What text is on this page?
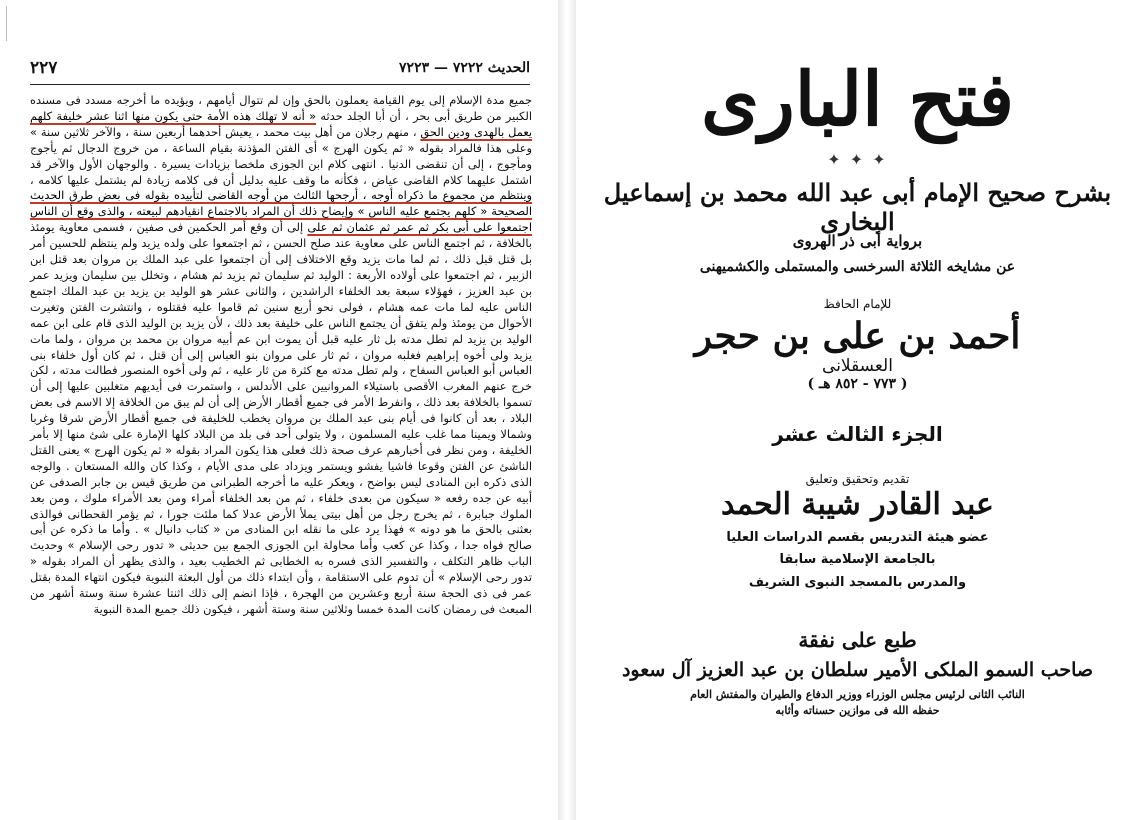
الحديث ٧٢٢٢ — ٧٢٢٣
٢٢٧

جميع مدة الإسلام إلى يوم القيامة يعملون بالحق وإن لم تتوال أيامهم ، ويؤيده ما أخرجه مسدد فى مسنده الكبير من طريق أبى بحر ، أن أبا الجلد حدثه « أنه لا تهلك هذه الأمة حتى يكون منها اثنا عشر خليفة كلهم يعمل بالهدى ودين الحق ، منهم رجلان من أهل بيت محمد ، يعيش أحدهما أربعين سنة ، والآخر ثلاثين سنة » وعلى هذا فالمراد بقوله « ثم يكون الهرج » أى الفتن المؤذنة بقيام الساعة ، من خروج الدجال ثم يأجوج ومأجوج ، إلى أن تنقضى الدنيا . انتهى كلام ابن الجوزى ملخصا بزيادات يسيرة . والوجهان الأول والآخر قد اشتمل عليهما كلام القاضى عياض ، فكأنه ما وقف عليه بدليل أن فى كلامه زيادة لم يشتمل عليها كلامه ، وينتظم من مجموع ما ذكراه أوجه ، أرجحها الثالث من أوجه القاضى لتأييده بقوله فى بعض طرق الحديث الصحيحة « كلهم يجتمع عليه الناس » وإيضاح ذلك أن المراد بالاجتماع انقيادهم لبيعته ، والذى وقع أن الناس اجتمعوا على أبى بكر ثم عمر ثم عثمان ثم على إلى أن وقع أمر الحكمين فى صفين ، فسمى معاوية يومئذ بالخلافة ، ثم اجتمع الناس على معاوية عند صلح الحسن ، ثم اجتمعوا على ولده يزيد ولم ينتظم للحسين أمر بل قتل قبل ذلك ، ثم لما مات يزيد وقع الاختلاف إلى أن اجتمعوا على عبد الملك بن مروان بعد قتل ابن الزبير ، ثم اجتمعوا على أولاده الأربعة : الوليد ثم سليمان ثم يزيد ثم هشام ، وتخلل بين سليمان ويزيد عمر بن عبد العزيز ، فهؤلاء سبعة بعد الخلفاء الراشدين ، والثانى عشر هو الوليد بن يزيد بن عبد الملك اجتمع الناس عليه لما مات عمه هشام ، فولى نحو أربع سنين ثم قاموا عليه فقتلوه ، وانتشرت الفتن وتغيرت الأحوال من يومئذ ولم يتفق أن يجتمع الناس على خليفة بعد ذلك ، لأن يزيد بن الوليد الذى قام على ابن عمه الوليد بن يزيد لم تطل مدته بل ثار عليه قبل أن يموت ابن عم أبيه مروان بن محمد بن مروان ، ولما مات يزيد ولى أخوه إبراهيم فغلبه مروان ، ثم ثار على مروان بنو العباس إلى أن قتل ، ثم كان أول خلفاء بنى العباس أبو العباس السفاح ، ولم تطل مدته مع كثرة من ثار عليه ، ثم ولى أخوه المنصور فطالت مدته ، لكن خرج عنهم المغرب الأقصى باستيلاء المروانيين على الأندلس ، واستمرت فى أيديهم متغلبين عليها إلى أن تسموا بالخلافة بعد ذلك ، وانفرط الأمر فى جميع أقطار الأرض إلى أن لم يبق من الخلافة إلا الاسم فى بعض البلاد ، بعد أن كانوا فى أيام بنى عبد الملك بن مروان يخطب للخليفة فى جميع أقطار الأرض شرقا وغربا وشمالا ويمينا مما غلب عليه المسلمون ، ولا يتولى أحد فى بلد من البلاد كلها الإمارة على شئ منها إلا بأمر الخليفة ، ومن نظر فى أخبارهم عرف صحة ذلك فعلى هذا يكون المراد بقوله « ثم يكون الهرج » يعنى القتل الناشئ عن الفتن وقوعا فاشيا يفشو ويستمر ويزداد على مدى الأيام ، وكذا كان والله المستعان . والوجه الذى ذكره ابن المنادى ليس بواضح ، ويعكر عليه ما أخرجه الطبرانى من طريق قيس بن جابر الصدفى عن أبيه عن جده رفعه « سيكون من بعدى خلفاء ، ثم من بعد الخلفاء أمراء ومن بعد الأمراء ملوك ، ومن بعد الملوك جبابرة ، ثم يخرج رجل من أهل بيتى يملأ الأرض عدلا كما ملئت جورا ، ثم يؤمر القحطانى فوالذى بعثنى بالحق ما هو دونه » فهذا يرد على ما نقله ابن المنادى من « كتاب دانيال » . وأما ما ذكره عن أبى صالح فواه جدا ، وكذا عن كعب وأما محاولة ابن الجوزى الجمع بين حديثى « تدور رحى الإسلام » وحديث الباب ظاهر التكلف ، والتفسير الذى فسره به الخطابى ثم الخطيب بعيد ، والذى يظهر أن المراد بقوله « تدور رحى الإسلام » أن تدوم على الاستقامة ، وأن ابتداء ذلك من أول البعثة النبوية فيكون انتهاء المدة بقتل عمر فى ذى الحجة سنة أربع وعشرين من الهجرة ، فإذا انضم إلى ذلك اثنتا عشرة سنة وستة أشهر من المبعث فى رمضان كانت المدة خمسا وثلاثين سنة وستة أشهر ، فيكون ذلك جميع المدة النبوية

فتح البارى
✦ ✦ ✦
بشرح صحيح الإمام أبى عبد الله محمد بن إسماعيل البخارى
برواية أبى ذر الهروى
عن مشايخه الثلاثة السرخسى والمستملى والكشميهنى
للإمام الحافظ
أحمد بن على بن حجر
العسقلانى
( ٧٧٣ - ٨٥٢ هـ )
الجزء الثالث عشر
تقديم وتحقيق وتعليق
عبد القادر شيبة الحمد
عضو هيئة التدريس بقسم الدراسات العليا
بالجامعة الإسلامية سابقا
والمدرس بالمسجد النبوى الشريف
طبع على نفقة
صاحب السمو الملكى الأمير سلطان بن عبد العزيز آل سعود
النائب الثانى لرئيس مجلس الوزراء ووزير الدفاع والطيران والمفتش العام
حفظه الله فى موازين حسناته وأثابه
